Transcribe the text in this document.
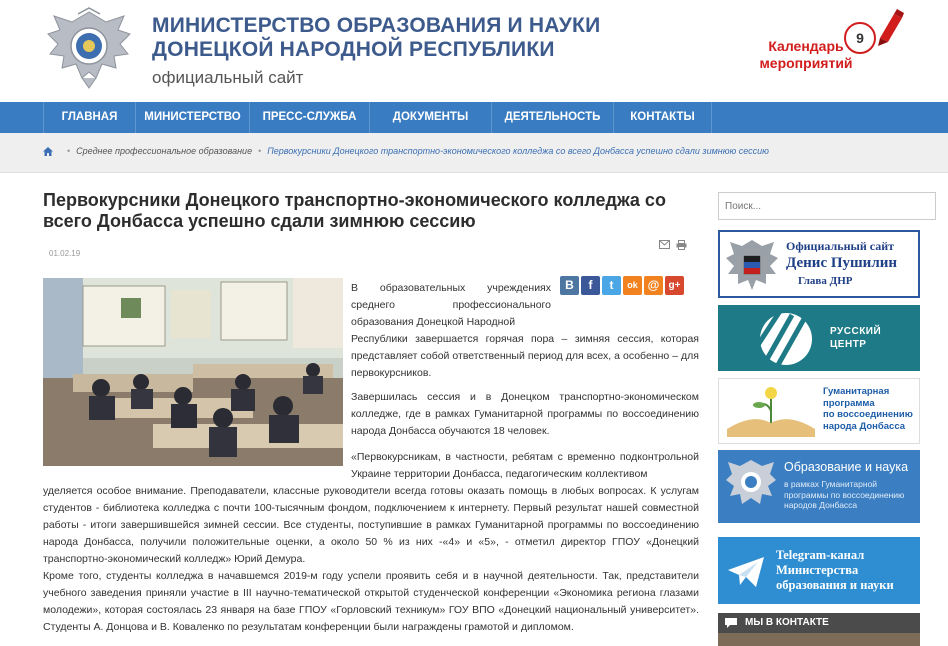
МИНИСТЕРСТВО ОБРАЗОВАНИЯ И НАУКИ
ДОНЕЦКОЙ НАРОДНОЙ РЕСПУБЛИКИ
официальный сайт
Календарь
мероприятий
9
ГЛАВНАЯ	МИНИСТЕРСТВО	ПРЕСС-СЛУЖБА	ДОКУМЕНТЫ	ДЕЯТЕЛЬНОСТЬ	КОНТАКТЫ
• Среднее профессиональное образование • Первокурсники Донецкого транспортно-экономического колледжа со всего Донбасса успешно сдали зимнюю сессию
Первокурсники Донецкого транспортно-экономического колледжа со всего Донбасса успешно сдали зимнюю сессию
01.02.19
В	f	t	ok @ g+
В образовательных учреждениях среднего профессионального образования Донецкой Народной
Республики завершается горячая пора – зимняя сессия, которая представляет собой ответственный период для всех, а особенно – для первокурсников.
Завершилась сессия и в Донецком транспортно-экономическом колледже, где в рамках Гуманитарной программы по воссоединению народа Донбасса обучаются 18 человек.
«Первокурсникам, в частности, ребятам с временно подконтрольной Украине территории Донбасса, педагогическим коллективом
уделяется особое внимание. Преподаватели, классные руководители всегда готовы оказать помощь в любых вопросах. К услугам студентов - библиотека колледжа с почти 100-тысячным фондом, подключением к интернету. Первый результат нашей совместной работы - итоги завершившейся зимней сессии. Все студенты, поступившие в рамках Гуманитарной программы по воссоединению народа Донбасса, получили положительные оценки, а около 50 % из них -«4» и «5», - отметил директор ГПОУ «Донецкий транспортно-экономический колледж» Юрий Демура.
Кроме того, студенты колледжа в начавшемся 2019-м году успели проявить себя и в научной деятельности. Так, представители учебного заведения приняли участие в III научно-тематической открытой студенческой конференции «Экономика региона глазами молодежи», которая состоялась 23 января на базе ГПОУ «Горловский техникум» ГОУ ВПО «Донецкий национальный университет». Студенты А. Донцова и В. Коваленко по результатам конференции были награждены грамотой и дипломом.
Поиск...
Официальный сайт
Денис Пушилин
Глава ДНР
РУССКИЙ
ЦЕНТР
Гуманитарная
программа
по воссоединению
народа Донбасса
Образование и наука
в рамках Гуманитарной
программы по воссоединению
народов Донбасса
Telegram-канал
Министерства
образования и науки
МЫ В КОНТАКТЕ
